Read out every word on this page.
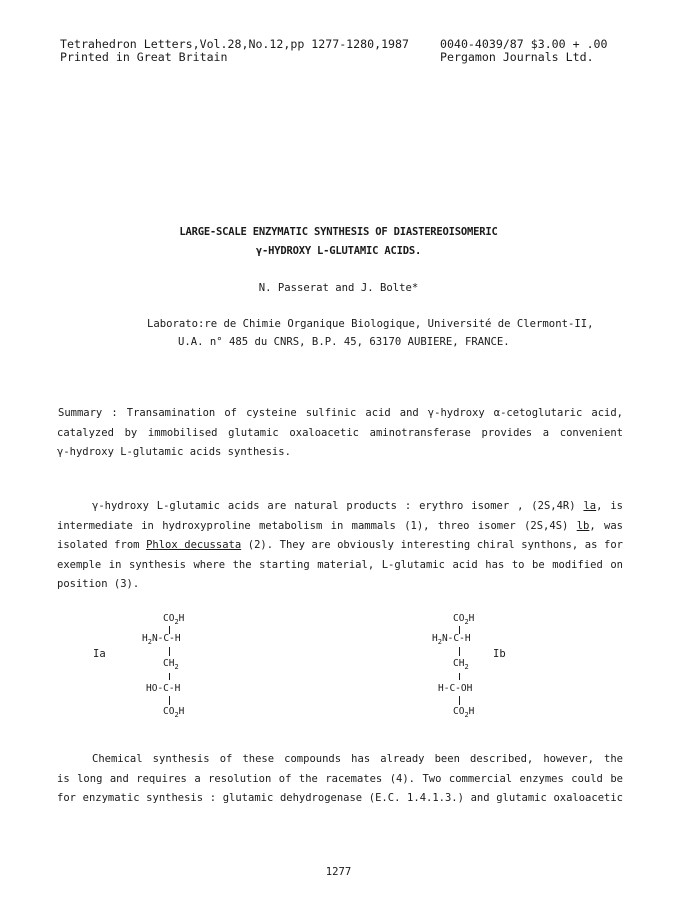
Tetrahedron Letters,Vol.28,No.12,pp 1277-1280,1987
Printed in Great Britain
0040-4039/87 $3.00 + .00
Pergamon Journals Ltd.
LARGE-SCALE ENZYMATIC SYNTHESIS OF DIASTEREOISOMERIC
γ-HYDROXY L-GLUTAMIC ACIDS.
N. Passerat and J. Bolte*
Laborato:re de Chimie Organique Biologique, Université de Clermont-II,
U.A. n° 485 du CNRS, B.P. 45, 63170 AUBIERE, FRANCE.
Summary : Transamination of cysteine sulfinic acid and γ-hydroxy α-cetoglutaric acid,
catalyzed by immobilised glutamic oxaloacetic aminotransferase provides a convenient
γ-hydroxy L-glutamic acids synthesis.
γ-hydroxy L-glutamic acids are natural products : erythro isomer , (2S,4R) la, is
intermediate in hydroxyproline metabolism in mammals (1), threo isomer (2S,4S) lb, was
isolated from Phlox decussata (2). They are obviously interesting chiral synthons, as for
exemple in synthesis where the starting material, L-glutamic acid has to be modified on
position (3).
Ia
$CO_2H$
$H_2N-C-H$
$CH_2$
HO-C-H
$CO_2H$
Ib
$CO_2H$
$H_2N-C-H$
$CH_2$
H-C-OH
$CO_2H$
Chemical synthesis of these compounds has already been described, however, the
is long and requires a resolution of the racemates (4). Two commercial enzymes could be
for enzymatic synthesis : glutamic dehydrogenase (E.C. 1.4.1.3.) and glutamic oxaloacetic
1277
